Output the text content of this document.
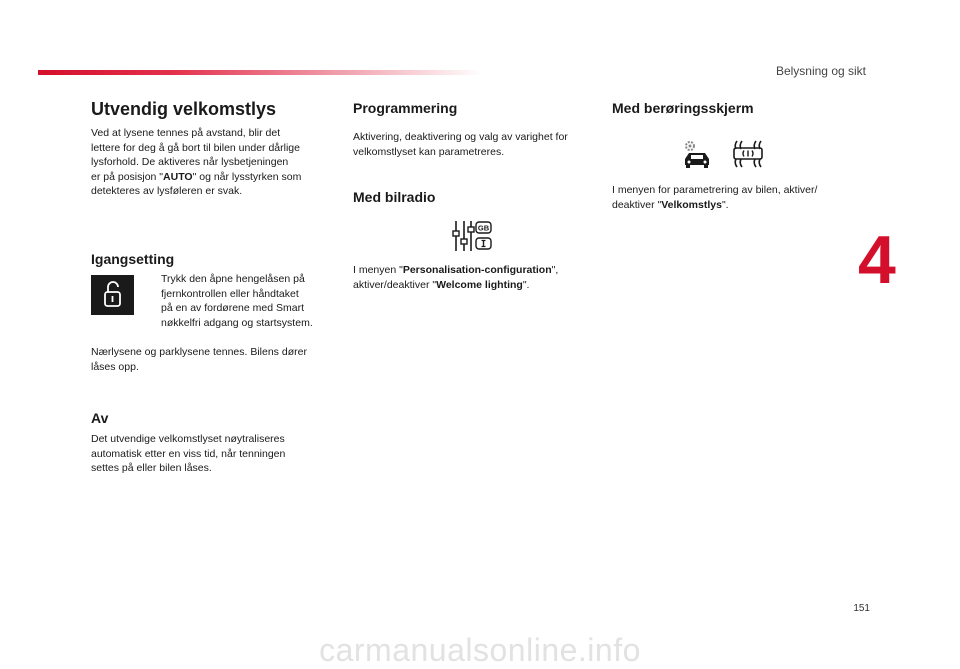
Belysning og sikt
4
Utvendig velkomstlys
Ved at lysene tennes på avstand, blir det
lettere for deg å gå bort til bilen under dårlige
lysforhold. De aktiveres når lysbetjeningen
er på posisjon "AUTO" og når lysstyrken som
detekteres av lysføleren er svak.
Igangsetting
Trykk den åpne hengelåsen på
fjernkontrollen eller håndtaket
på en av fordørene med Smart
nøkkelfri adgang og startsystem.
Nærlysene og parklysene tennes. Bilens dører
låses opp.
Av
Det utvendige velkomstlyset nøytraliseres
automatisk etter en viss tid, når tenningen
settes på eller bilen låses.
Programmering
Aktivering, deaktivering og valg av varighet for
velkomstlyset kan parametreres.
Med bilradio
GB
I menyen "Personalisation-configuration",
aktiver/deaktiver "Welcome lighting".
Med berøringsskjerm
I menyen for parametrering av bilen, aktiver/
deaktiver "Velkomstlys".
151
carmanualsonline.info
